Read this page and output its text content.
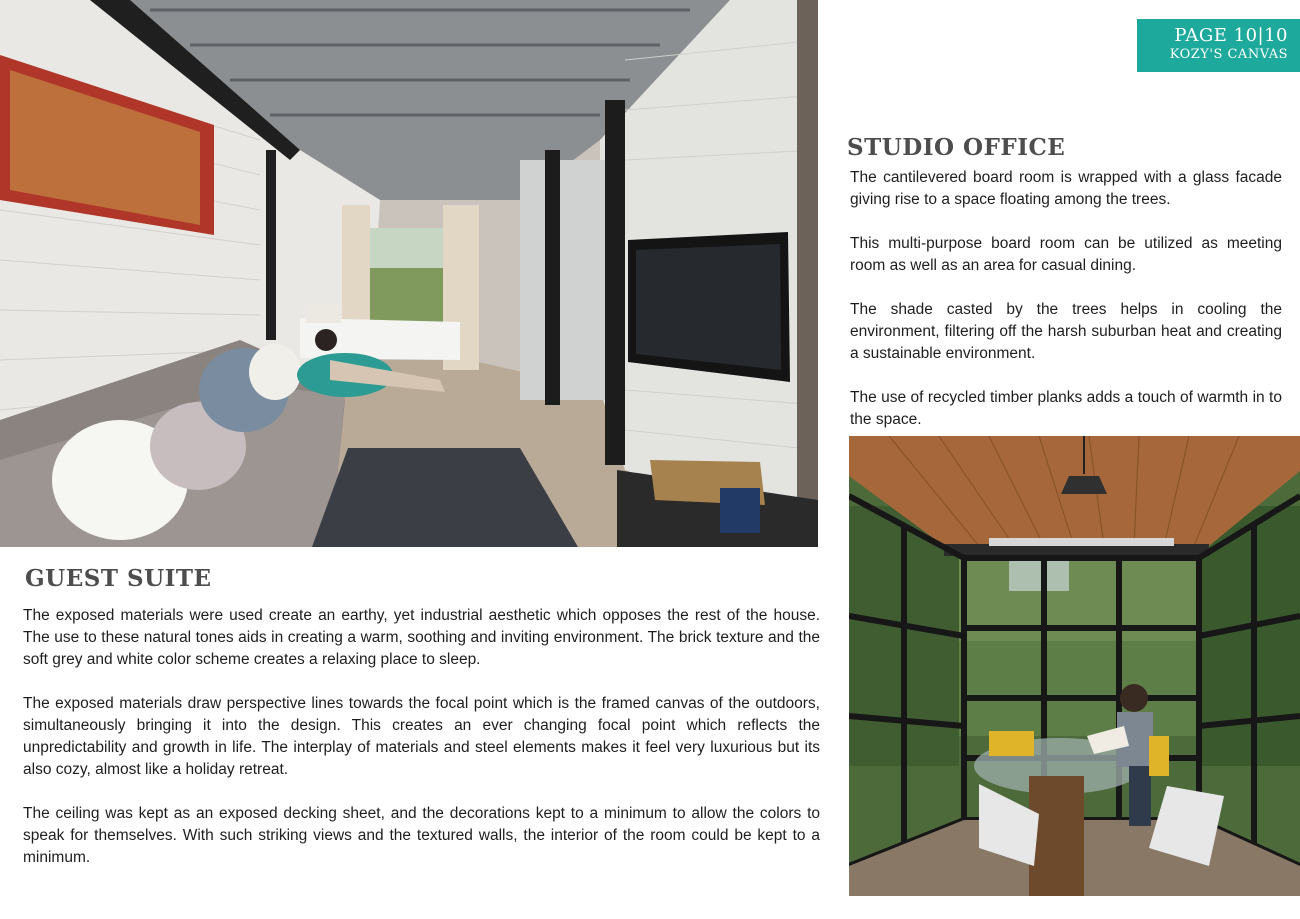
PAGE 10|10
KOZY'S CANVAS
STUDIO OFFICE

The cantilevered board room is wrapped with a glass facade giving rise to a space floating among the trees.

This multi-purpose board room can be utilized as meeting room as well as an area for casual dining.

The shade casted by the trees helps in cooling the environment, filtering off the harsh suburban heat and creating a sustainable environment.

The use of recycled timber planks adds a touch of warmth in to the space.

GUEST SUITE

The exposed materials were used create an earthy, yet industrial aesthetic which opposes the rest of the house. The use to these natural tones aids in creating a warm, soothing and inviting environment. The brick texture and the soft grey and white color scheme creates a relaxing place to sleep.

The exposed materials draw perspective lines towards the focal point which is the framed canvas of the outdoors, simultaneously bringing it into the design. This creates an ever changing focal point which reflects the unpredictability and growth in life. The interplay of materials and steel elements makes it feel very luxurious but its also cozy, almost like a holiday retreat.

The ceiling was kept as an exposed decking sheet, and the decorations kept to a minimum to allow the colors to speak for themselves. With such striking views and the textured walls, the interior of the room could be kept to a minimum.
